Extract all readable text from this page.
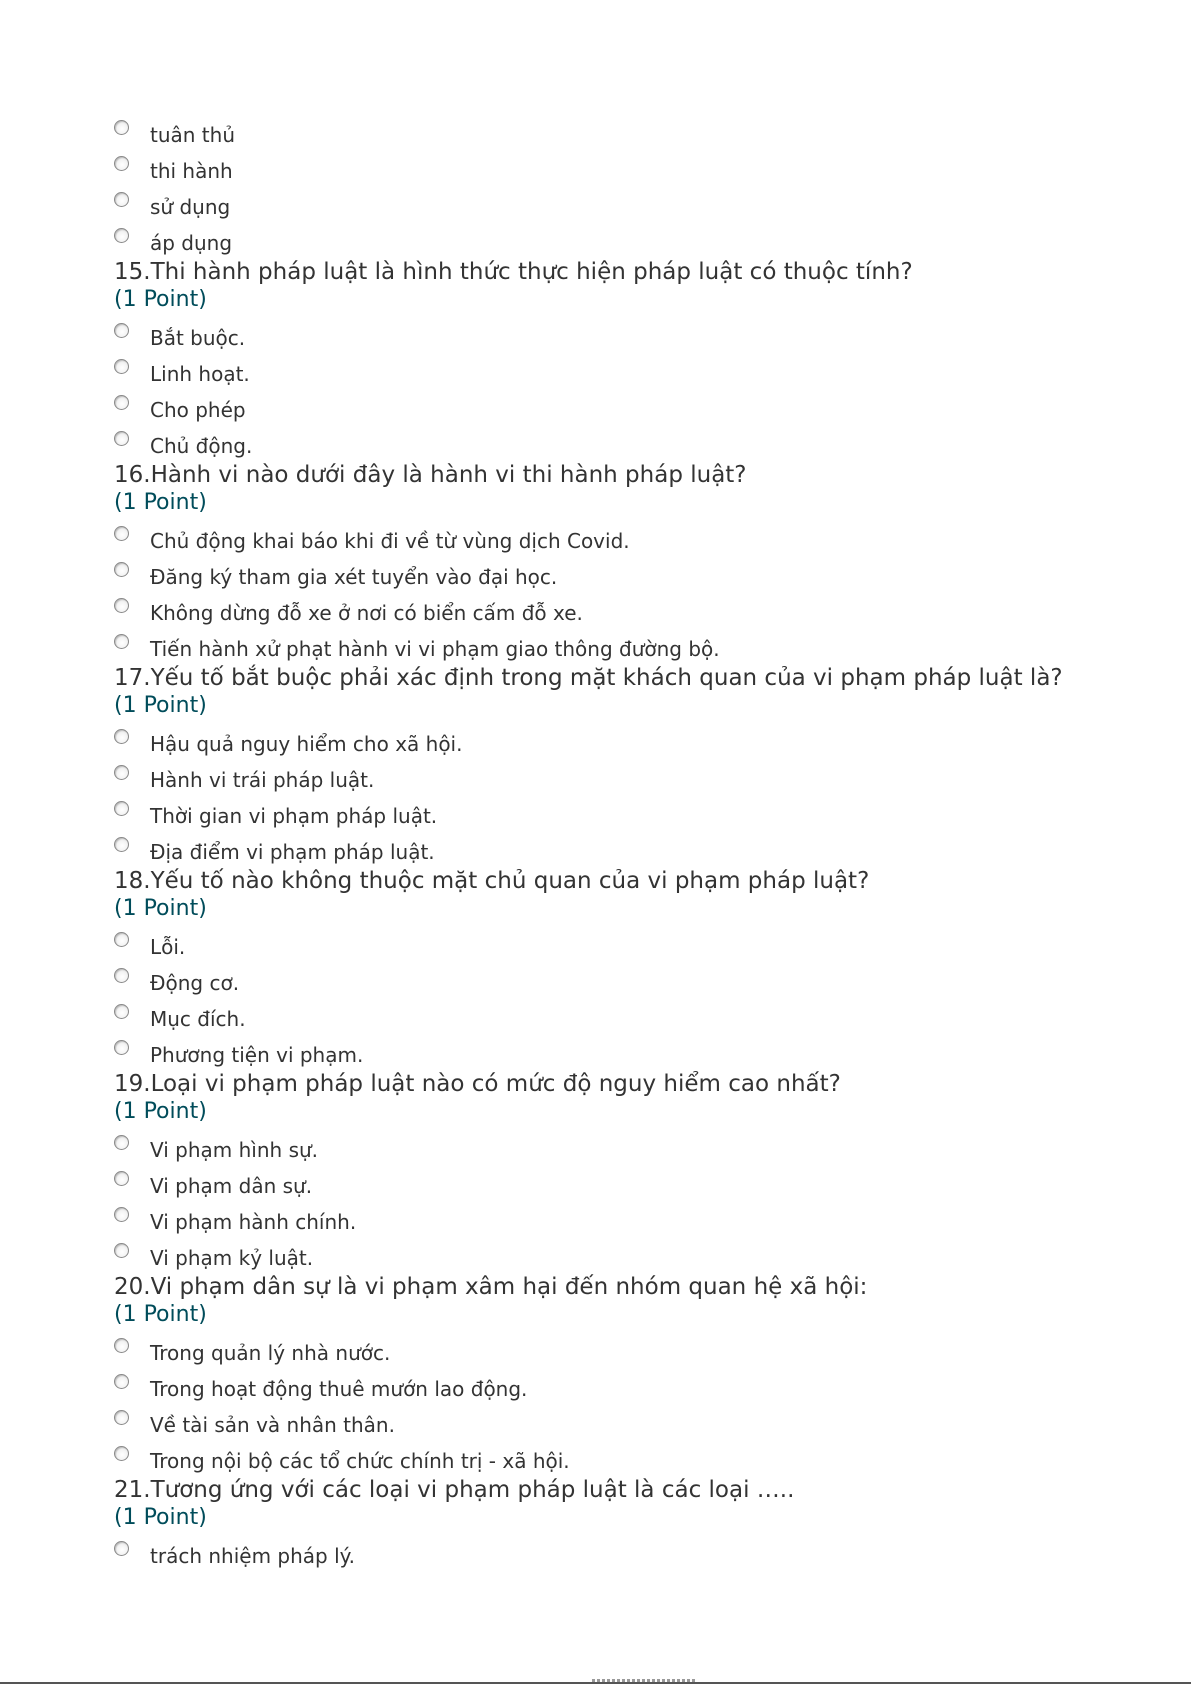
tuân thủ
thi hành
sử dụng
áp dụng
15.Thi hành pháp luật là hình thức thực hiện pháp luật có thuộc tính?
(1 Point)
Bắt buộc.
Linh hoạt.
Cho phép
Chủ động.
16.Hành vi nào dưới đây là hành vi thi hành pháp luật?
(1 Point)
Chủ động khai báo khi đi về từ vùng dịch Covid.
Đăng ký tham gia xét tuyển vào đại học.
Không dừng đỗ xe ở nơi có biển cấm đỗ xe.
Tiến hành xử phạt hành vi vi phạm giao thông đường bộ.
17.Yếu tố bắt buộc phải xác định trong mặt khách quan của vi phạm pháp luật là?
(1 Point)
Hậu quả nguy hiểm cho xã hội.
Hành vi trái pháp luật.
Thời gian vi phạm pháp luật.
Địa điểm vi phạm pháp luật.
18.Yếu tố nào không thuộc mặt chủ quan của vi phạm pháp luật?
(1 Point)
Lỗi.
Động cơ.
Mục đích.
Phương tiện vi phạm.
19.Loại vi phạm pháp luật nào có mức độ nguy hiểm cao nhất?
(1 Point)
Vi phạm hình sự.
Vi phạm dân sự.
Vi phạm hành chính.
Vi phạm kỷ luật.
20.Vi phạm dân sự là vi phạm xâm hại đến nhóm quan hệ xã hội:
(1 Point)
Trong quản lý nhà nước.
Trong hoạt động thuê mướn lao động.
Về tài sản và nhân thân.
Trong nội bộ các tổ chức chính trị - xã hội.
21.Tương ứng với các loại vi phạm pháp luật là các loại …..
(1 Point)
trách nhiệm pháp lý.
